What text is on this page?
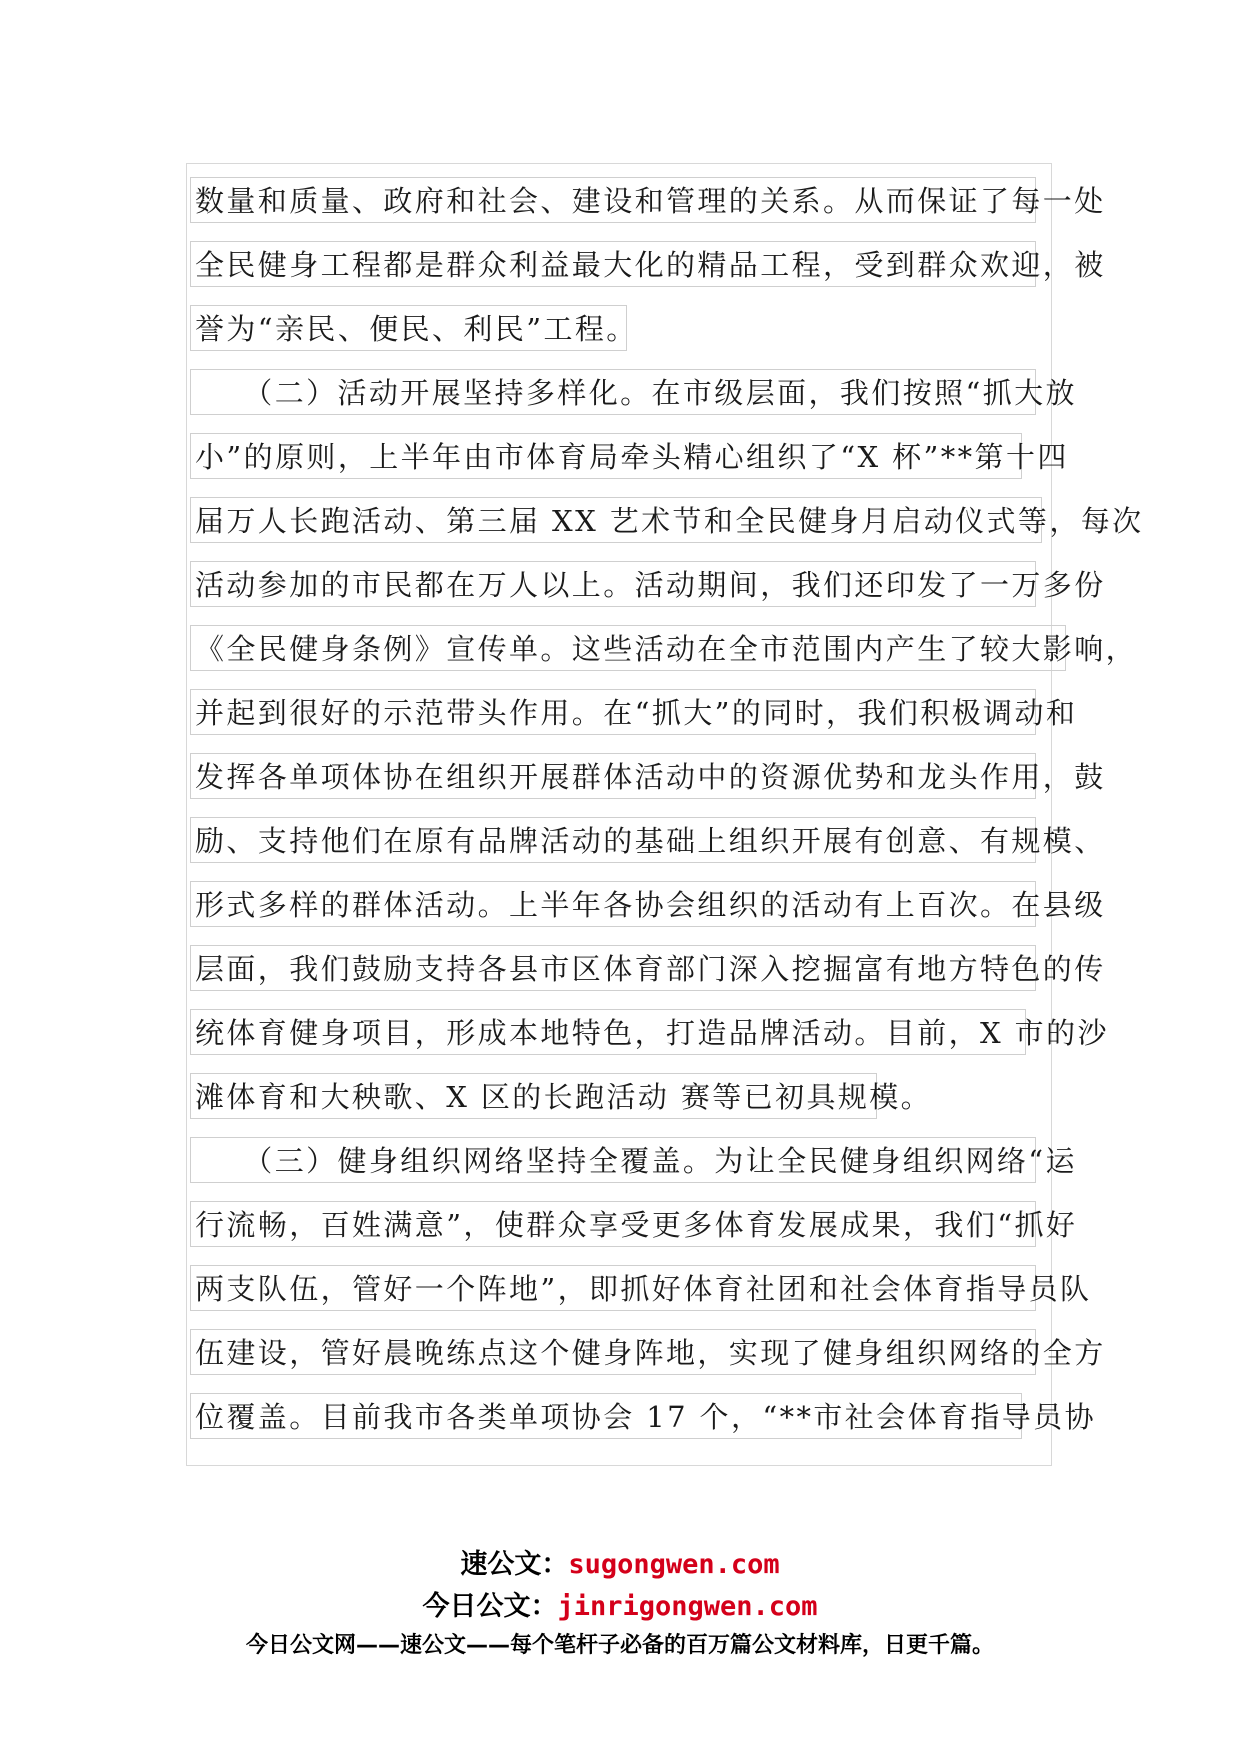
数量和质量、政府和社会、建设和管理的关系。从而保证了每一处
全民健身工程都是群众利益最大化的精品工程，受到群众欢迎，被
誉为“亲民、便民、利民”工程。
　　（二）活动开展坚持多样化。在市级层面，我们按照“抓大放
小”的原则，上半年由市体育局牵头精心组织了“X 杯”**第十四
届万人长跑活动、第三届 XX 艺术节和全民健身月启动仪式等，每次
活动参加的市民都在万人以上。活动期间，我们还印发了一万多份
《全民健身条例》宣传单。这些活动在全市范围内产生了较大影响，
并起到很好的示范带头作用。在“抓大”的同时，我们积极调动和
发挥各单项体协在组织开展群体活动中的资源优势和龙头作用，鼓
励、支持他们在原有品牌活动的基础上组织开展有创意、有规模、
形式多样的群体活动。上半年各协会组织的活动有上百次。在县级
层面，我们鼓励支持各县市区体育部门深入挖掘富有地方特色的传
统体育健身项目，形成本地特色，打造品牌活动。目前，X 市的沙
滩体育和大秧歌、X 区的长跑活动 赛等已初具规模。
　　（三）健身组织网络坚持全覆盖。为让全民健身组织网络“运
行流畅，百姓满意”，使群众享受更多体育发展成果，我们“抓好
两支队伍，管好一个阵地”，即抓好体育社团和社会体育指导员队
伍建设，管好晨晚练点这个健身阵地，实现了健身组织网络的全方
位覆盖。目前我市各类单项协会 17 个，“**市社会体育指导员协
速公文：sugongwen.com
今日公文：jinrigongwen.com
今日公文网——速公文——每个笔杆子必备的百万篇公文材料库，日更千篇。
